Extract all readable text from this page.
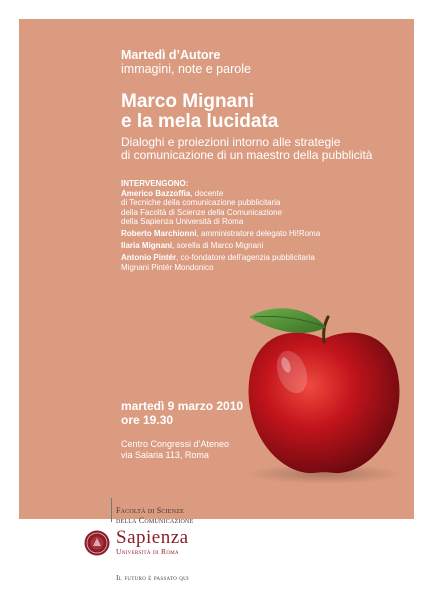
Martedì d’Autore
immagini, note e parole
Marco Mignani
e la mela lucidata
Dialoghi e proiezioni intorno alle strategie
di comunicazione di un maestro della pubblicità
INTERVENGONO:
Americo Bazzoffia, docente
di Tecniche della comunicazione pubblicitaria
della Facoltà di Scienze della Comunicazione
della Sapienza Università di Roma
Roberto Marchionni, amministratore delegato Hi!Roma
Ilaria Mignani, sorella di Marco Mignani
Antonio Pintér, co-fondatore dell’agenzia pubblicitaria
Mignani Pintér Mondonico
martedì 9 marzo 2010
ore 19.30
Centro Congressi d’Ateneo
via Salaria 113, Roma
Facoltà di Scienze
della Comunicazione
Sapienza
Università di Roma
Il futuro è passato qui
